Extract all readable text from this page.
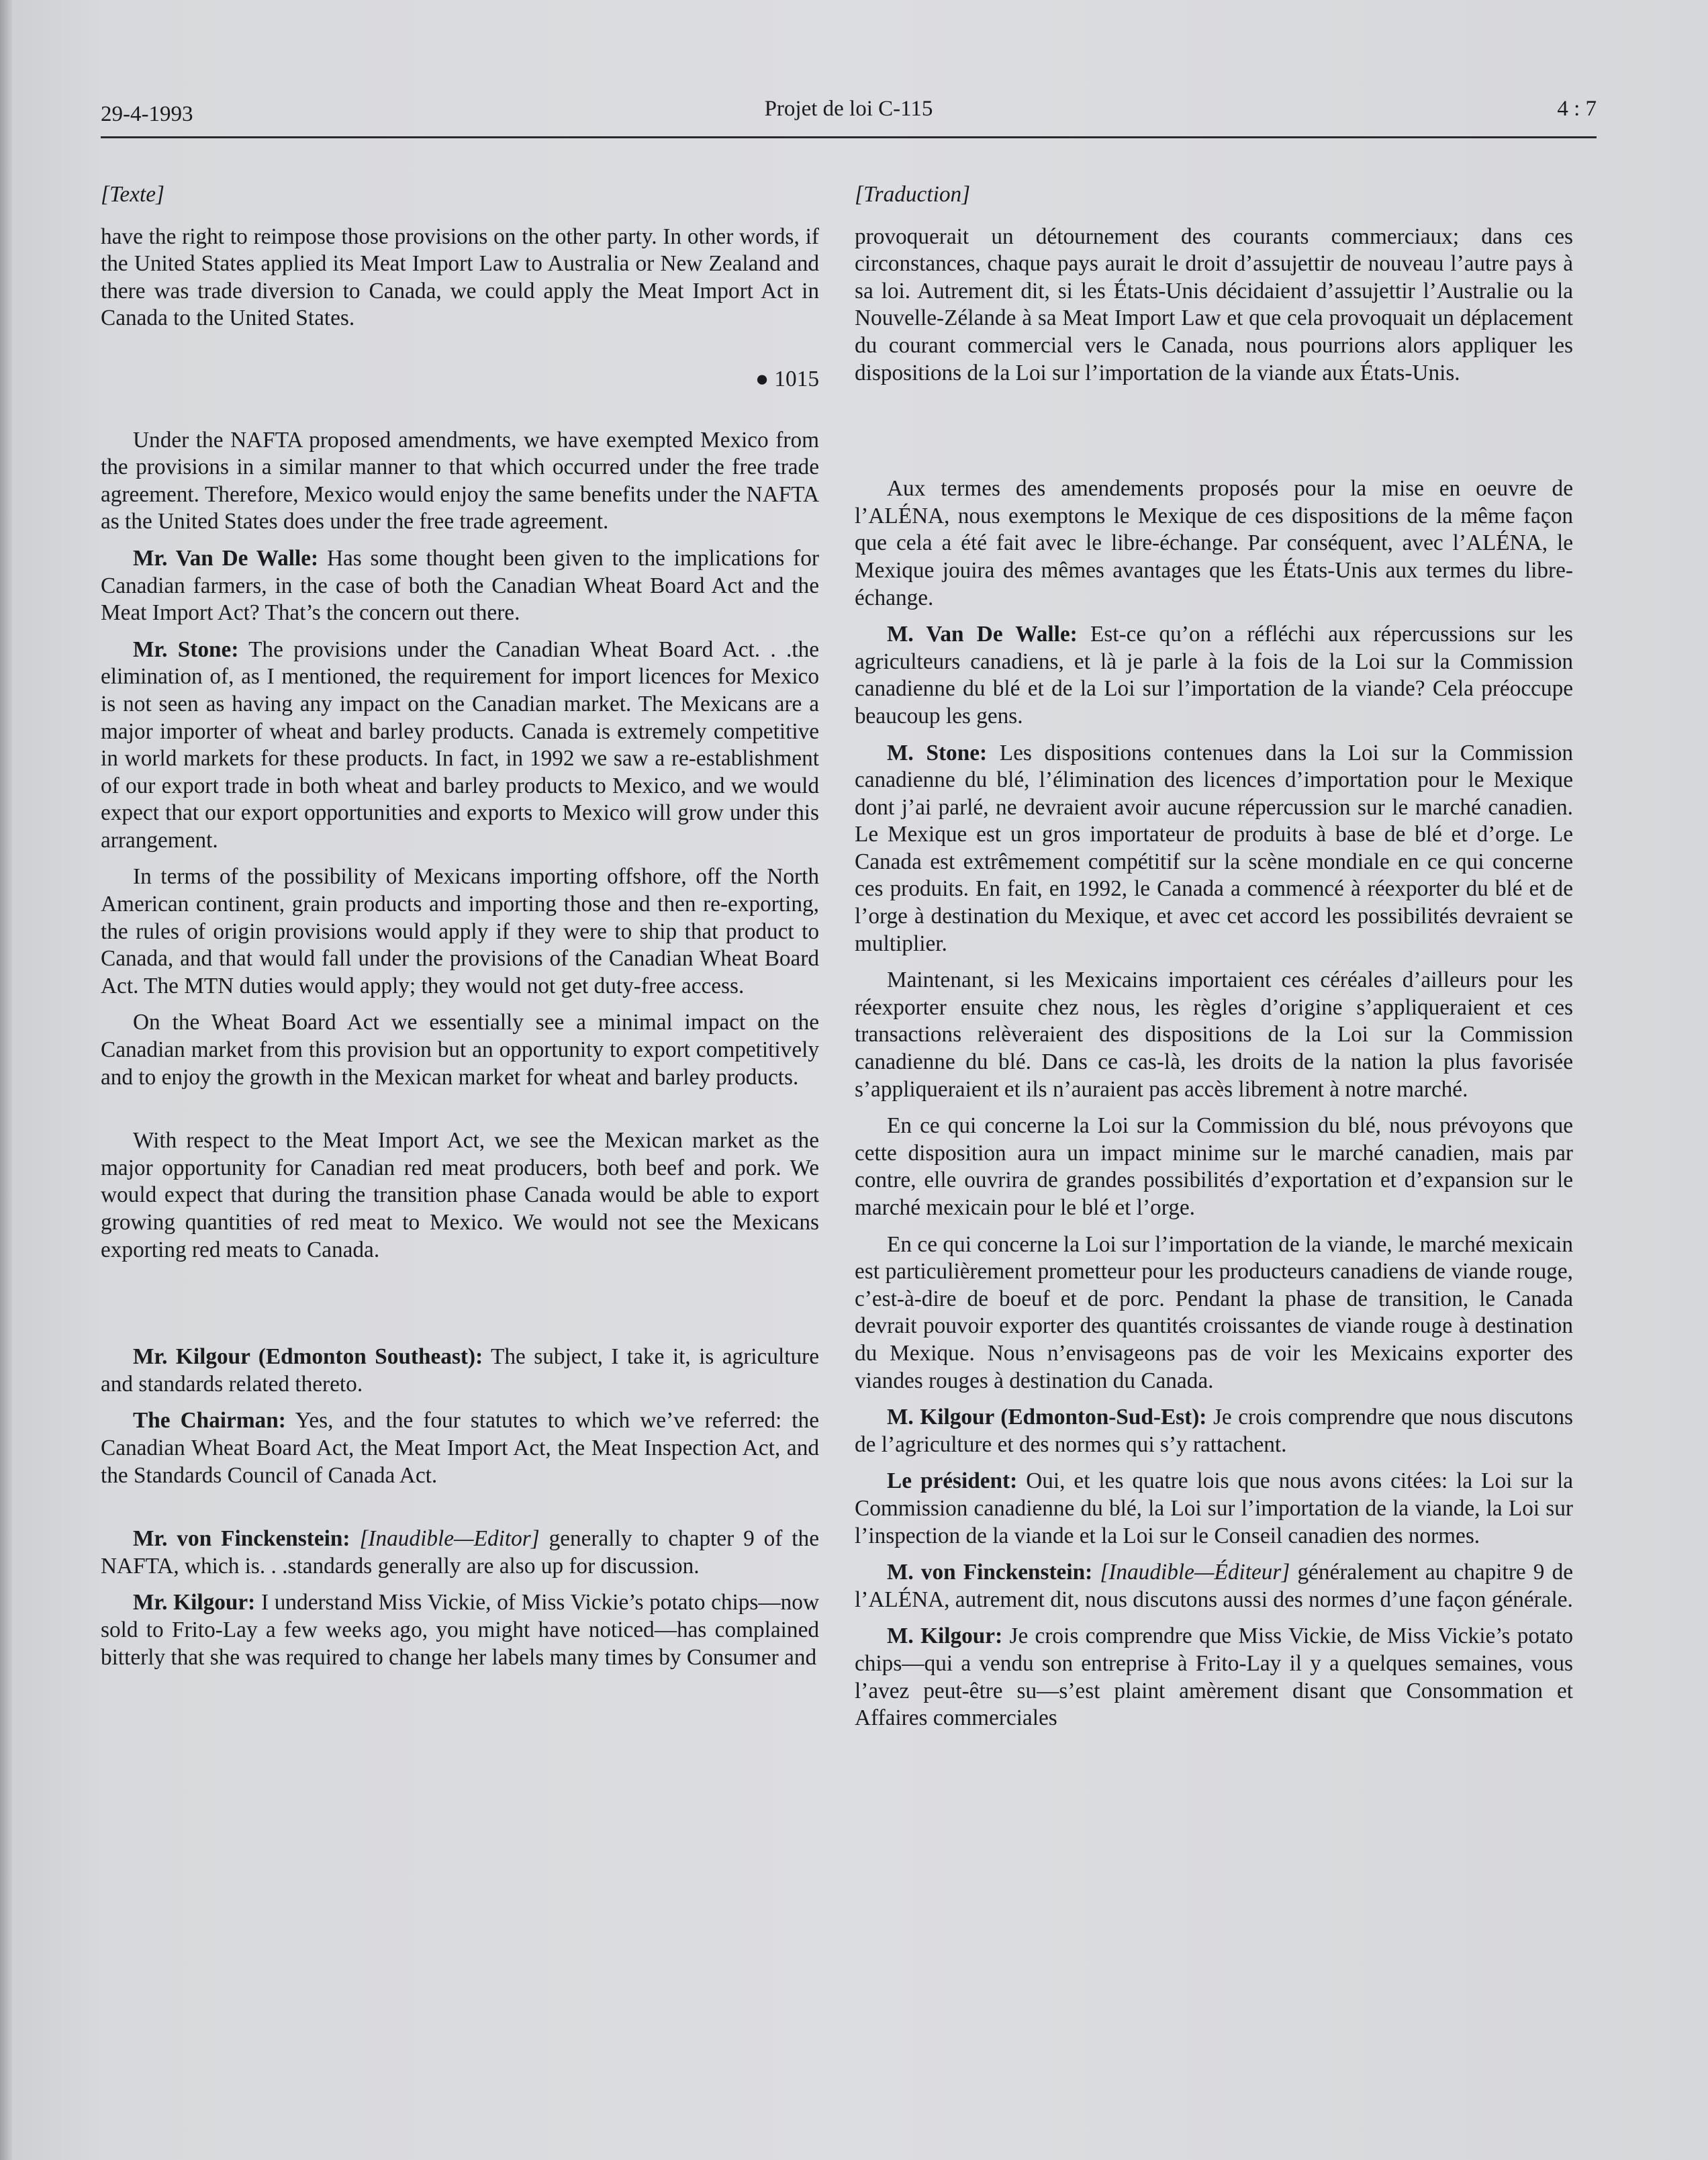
29-4-1993	Projet de loi C-115	4 : 7
[Texte]

have the right to reimpose those provisions on the other party. In other words, if the United States applied its Meat Import Law to Australia or New Zealand and there was trade diversion to Canada, we could apply the Meat Import Act in Canada to the United States.

● 1015

Under the NAFTA proposed amendments, we have exempted Mexico from the provisions in a similar manner to that which occurred under the free trade agreement. Therefore, Mexico would enjoy the same benefits under the NAFTA as the United States does under the free trade agreement.

Mr. Van De Walle: Has some thought been given to the implications for Canadian farmers, in the case of both the Canadian Wheat Board Act and the Meat Import Act? That’s the concern out there.

Mr. Stone: The provisions under the Canadian Wheat Board Act. . .the elimination of, as I mentioned, the requirement for import licences for Mexico is not seen as having any impact on the Canadian market. The Mexicans are a major importer of wheat and barley products. Canada is extremely competitive in world markets for these products. In fact, in 1992 we saw a re-establishment of our export trade in both wheat and barley products to Mexico, and we would expect that our export opportunities and exports to Mexico will grow under this arrangement.

In terms of the possibility of Mexicans importing offshore, off the North American continent, grain products and importing those and then re-exporting, the rules of origin provisions would apply if they were to ship that product to Canada, and that would fall under the provisions of the Canadian Wheat Board Act. The MTN duties would apply; they would not get duty-free access.

On the Wheat Board Act we essentially see a minimal impact on the Canadian market from this provision but an opportunity to export competitively and to enjoy the growth in the Mexican market for wheat and barley products.

With respect to the Meat Import Act, we see the Mexican market as the major opportunity for Canadian red meat producers, both beef and pork. We would expect that during the transition phase Canada would be able to export growing quantities of red meat to Mexico. We would not see the Mexicans exporting red meats to Canada.

Mr. Kilgour (Edmonton Southeast): The subject, I take it, is agriculture and standards related thereto.

The Chairman: Yes, and the four statutes to which we’ve referred: the Canadian Wheat Board Act, the Meat Import Act, the Meat Inspection Act, and the Standards Council of Canada Act.

Mr. von Finckenstein: [Inaudible—Editor] generally to chapter 9 of the NAFTA, which is. . .standards generally are also up for discussion.

Mr. Kilgour: I understand Miss Vickie, of Miss Vickie’s potato chips—now sold to Frito-Lay a few weeks ago, you might have noticed—has complained bitterly that she was required to change her labels many times by Consumer and

[Traduction]

provoquerait un détournement des courants commerciaux; dans ces circonstances, chaque pays aurait le droit d’assujettir de nouveau l’autre pays à sa loi. Autrement dit, si les États-Unis décidaient d’assujettir l’Australie ou la Nouvelle-Zélande à sa Meat Import Law et que cela provoquait un déplacement du courant commercial vers le Canada, nous pourrions alors appliquer les dispositions de la Loi sur l’importation de la viande aux États-Unis.

Aux termes des amendements proposés pour la mise en oeuvre de l’ALÉNA, nous exemptons le Mexique de ces dispositions de la même façon que cela a été fait avec le libre-échange. Par conséquent, avec l’ALÉNA, le Mexique jouira des mêmes avantages que les États-Unis aux termes du libre-échange.

M. Van De Walle: Est-ce qu’on a réfléchi aux répercussions sur les agriculteurs canadiens, et là je parle à la fois de la Loi sur la Commission canadienne du blé et de la Loi sur l’importation de la viande? Cela préoccupe beaucoup les gens.

M. Stone: Les dispositions contenues dans la Loi sur la Commission canadienne du blé, l’élimination des licences d’importation pour le Mexique dont j’ai parlé, ne devraient avoir aucune répercussion sur le marché canadien. Le Mexique est un gros importateur de produits à base de blé et d’orge. Le Canada est extrêmement compétitif sur la scène mondiale en ce qui concerne ces produits. En fait, en 1992, le Canada a commencé à réexporter du blé et de l’orge à destination du Mexique, et avec cet accord les possibilités devraient se multiplier.

Maintenant, si les Mexicains importaient ces céréales d’ailleurs pour les réexporter ensuite chez nous, les règles d’origine s’appliqueraient et ces transactions relèveraient des dispositions de la Loi sur la Commission canadienne du blé. Dans ce cas-là, les droits de la nation la plus favorisée s’appliqueraient et ils n’auraient pas accès librement à notre marché.

En ce qui concerne la Loi sur la Commission du blé, nous prévoyons que cette disposition aura un impact minime sur le marché canadien, mais par contre, elle ouvrira de grandes possibilités d’exportation et d’expansion sur le marché mexicain pour le blé et l’orge.

En ce qui concerne la Loi sur l’importation de la viande, le marché mexicain est particulièrement prometteur pour les producteurs canadiens de viande rouge, c’est-à-dire de boeuf et de porc. Pendant la phase de transition, le Canada devrait pouvoir exporter des quantités croissantes de viande rouge à destination du Mexique. Nous n’envisageons pas de voir les Mexicains exporter des viandes rouges à destination du Canada.

M. Kilgour (Edmonton-Sud-Est): Je crois comprendre que nous discutons de l’agriculture et des normes qui s’y rattachent.

Le président: Oui, et les quatre lois que nous avons citées: la Loi sur la Commission canadienne du blé, la Loi sur l’importation de la viande, la Loi sur l’inspection de la viande et la Loi sur le Conseil canadien des normes.

M. von Finckenstein: [Inaudible—Éditeur] généralement au chapitre 9 de l’ALÉNA, autrement dit, nous discutons aussi des normes d’une façon générale.

M. Kilgour: Je crois comprendre que Miss Vickie, de Miss Vickie’s potato chips—qui a vendu son entreprise à Frito-Lay il y a quelques semaines, vous l’avez peut-être su—s’est plaint amèrement disant que Consommation et Affaires commerciales
